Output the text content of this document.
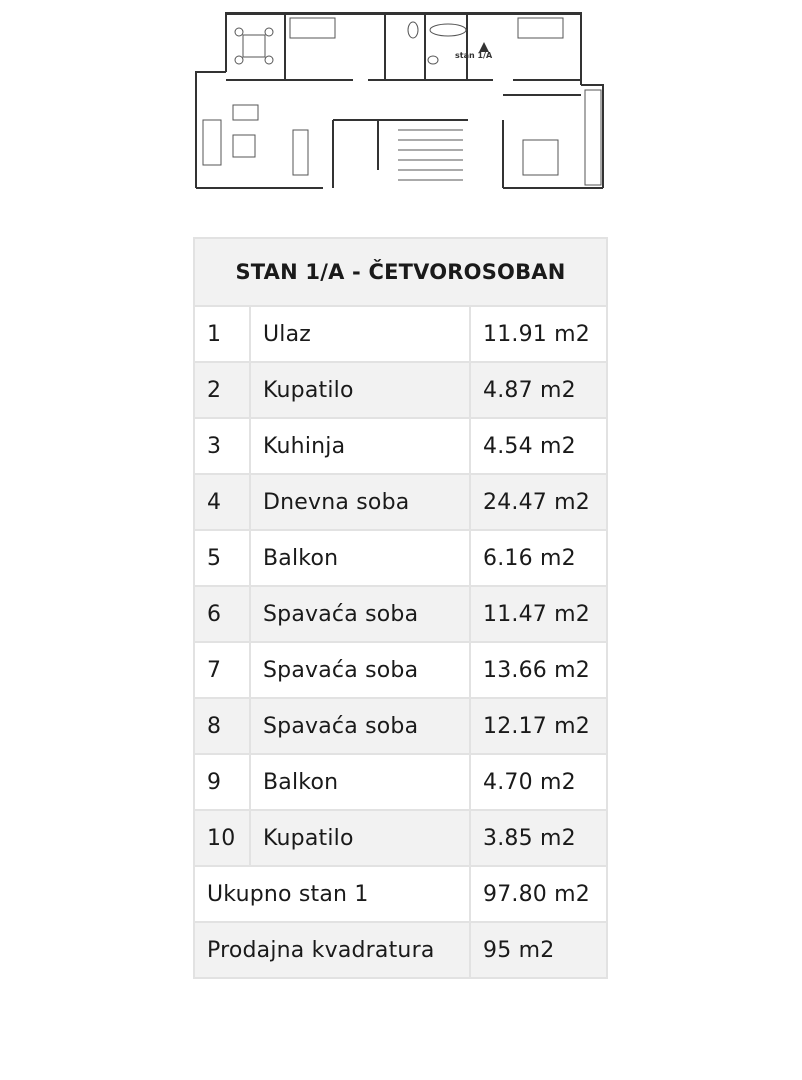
stan 1/A
STAN 1/A - ČETVOROSOBAN		
1	Ulaz	11.91 m2
2	Kupatilo	4.87 m2
3	Kuhinja	4.54 m2
4	Dnevna soba	24.47 m2
5	Balkon	6.16 m2
6	Spavaća soba	11.47 m2
7	Spavaća soba	13.66 m2
8	Spavaća soba	12.17 m2
9	Balkon	4.70 m2
10	Kupatilo	3.85 m2
Ukupno stan 1		97.80 m2
Prodajna kvadratura		95 m2
